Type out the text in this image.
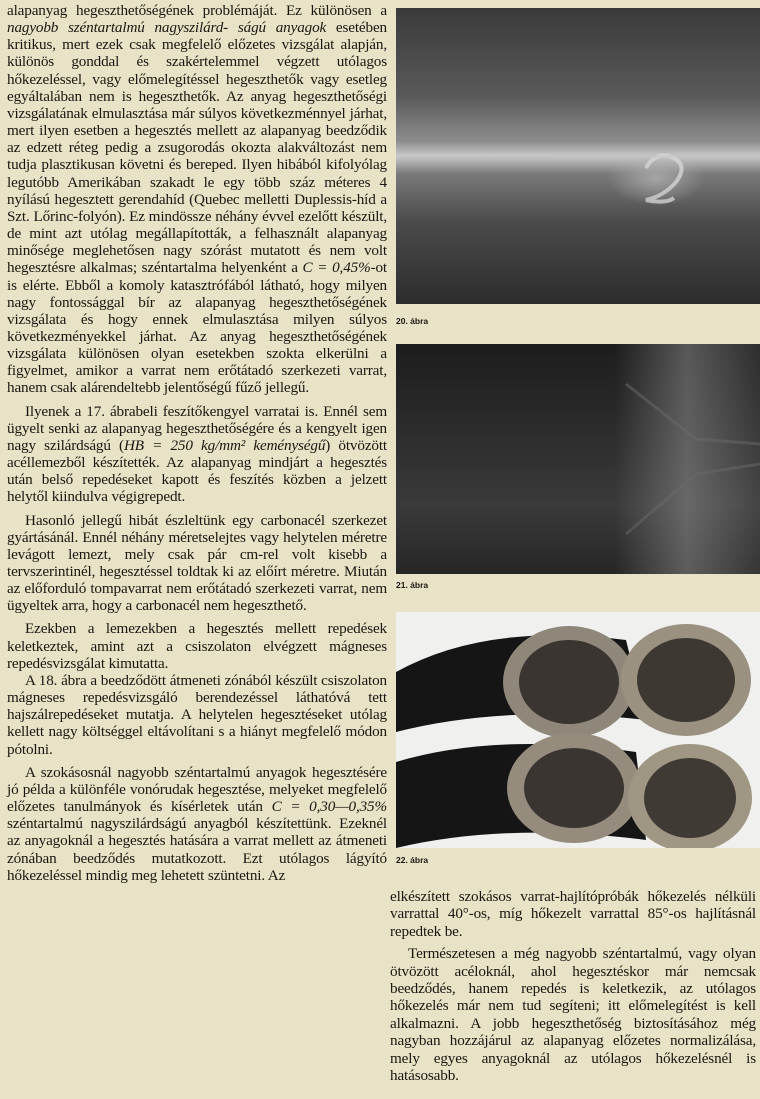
alapanyag hegeszthetőségének problémáját. Ez különösen a nagyobb széntartalmú nagyszilárd- ságú anyagok esetében kritikus, mert ezek csak megfelelő előzetes vizsgálat alapján, különös gonddal és szakértelemmel végzett utólagos hőkezeléssel, vagy előmelegítéssel hegeszthetők vagy esetleg egyáltalában nem is hegeszthetők. Az anyag hegeszthetőségi vizsgálatának elmulasztása már súlyos következménnyel járhat, mert ilyen esetben a hegesztés mellett az alapanyag beedződik az edzett réteg pedig a zsugorodás okozta alakváltozást nem tudja plasztikusan követni és bereped. Ilyen hibából kifolyólag legutóbb Amerikában szakadt le egy több száz méteres 4 nyílású hegesztett gerendahíd (Quebec melletti Duplessis-híd a Szt. Lőrinc-folyón). Ez mindössze néhány évvel ezelőtt készült, de mint azt utólag megállapították, a felhasznált alapanyag minősége meglehetősen nagy szórást mutatott és nem volt hegesztésre alkalmas; széntartalma helyenként a C = 0,45%-ot is elérte. Ebből a komoly katasztrófából látható, hogy milyen nagy fontossággal bír az alapanyag hegeszthetőségének vizsgálata és hogy ennek elmulasztása milyen súlyos következményekkel járhat. Az anyag hegeszthetőségének vizsgálata különösen olyan esetekben szokta elkerülni a figyelmet, amikor a varrat nem erőtátadó szerkezeti varrat, hanem csak alárendeltebb jelentőségű fűző jellegű.

Ilyenek a 17. ábrabeli feszítőkengyel varratai is. Ennél sem ügyelt senki az alapanyag hegeszthetőségére és a kengyelt igen nagy szilárdságú (HB = 250 kg/mm² keménységű) ötvözött acéllemezből készítették. Az alapanyag mindjárt a hegesztés után belső repedéseket kapott és feszítés közben a jelzett helytől kiindulva végigrepedt.

Hasonló jellegű hibát észleltünk egy carbonacél szerkezet gyártásánál. Ennél néhány méretselejtes vagy helytelen méretre levágott lemezt, mely csak pár cm-rel volt kisebb a tervszerintinél, hegesztéssel toldtak ki az előírt méretre. Miután az előforduló tompavarrat nem erőtátadó szerkezeti varrat, nem ügyeltek arra, hogy a carbonacél nem hegeszthető.

Ezekben a lemezekben a hegesztés mellett repedések keletkeztek, amint azt a csiszolaton elvégzett mágneses repedésvizsgálat kimutatta.

A 18. ábra a beedződött átmeneti zónából készült csiszolaton mágneses repedésvizsgáló berendezéssel láthatóvá tett hajszálrepedéseket mutatja. A helytelen hegesztéseket utólag kellett nagy költséggel eltávolítani s a hiányt megfelelő módon pótolni.

A szokásosnál nagyobb széntartalmú anyagok hegesztésére jó példa a különféle vonórudak hegesztése, melyeket megfelelő előzetes tanulmányok és kísérletek után C = 0,30—0,35% széntartalmú nagyszilárdságú anyagból készítettünk. Ezeknél az anyagoknál a hegesztés hatására a varrat mellett az átmeneti zónában beedződés mutatkozott. Ezt utólagos lágyító hőkezeléssel mindig meg lehetett szüntetni. Az

20. ábra
21. ábra
22. ábra

elkészített szokásos varrat-hajlítópróbák hőkezelés nélküli varrattal 40°-os, míg hőkezelt varrattal 85°-os hajlításnál repedtek be.

Természetesen a még nagyobb széntartalmú, vagy olyan ötvözött acéloknál, ahol hegesztéskor már nemcsak beedződés, hanem repedés is keletkezik, az utólagos hőkezelés már nem tud segíteni; itt előmelegítést is kell alkalmazni. A jobb hegeszthetőség biztosításához még nagyban hozzájárul az alapanyag előzetes normalizálása, mely egyes anyagoknál az utólagos hőkezelésnél is hatásosabb.
